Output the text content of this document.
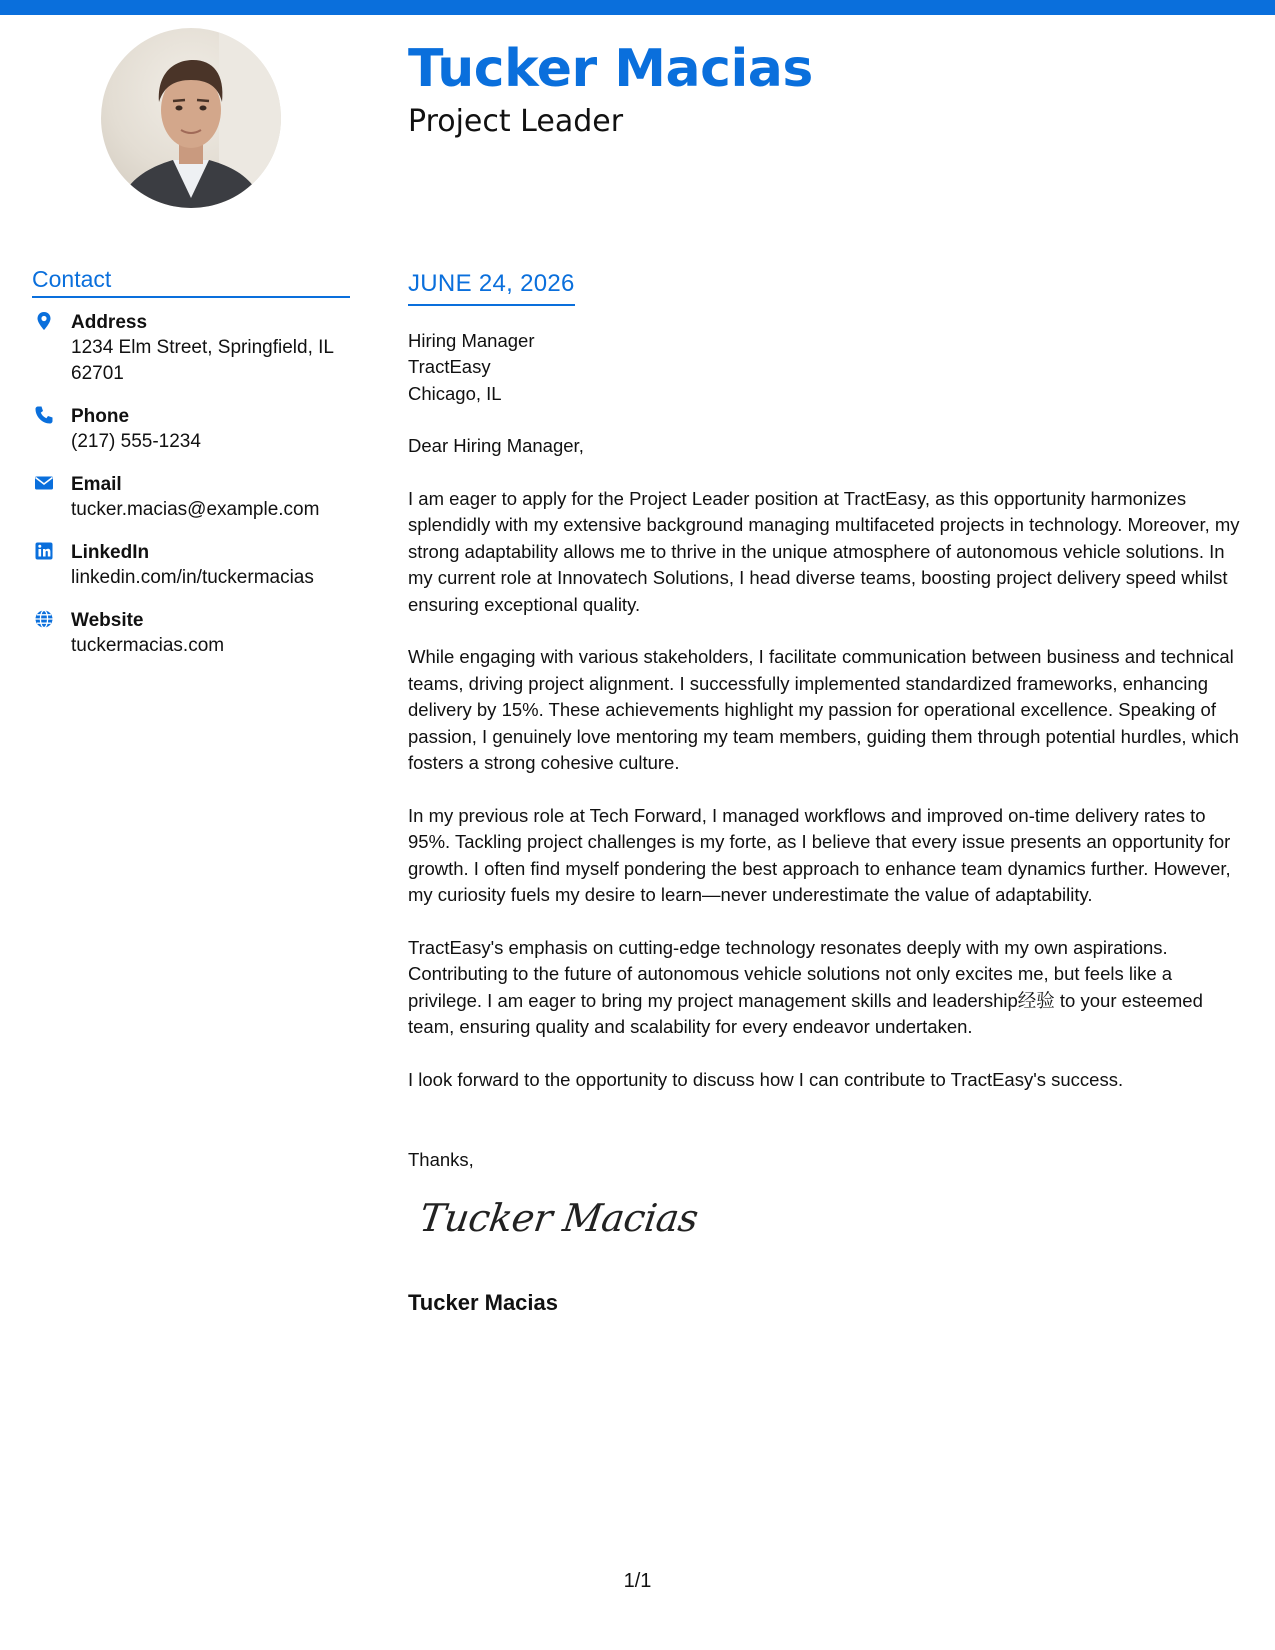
Tucker Macias
Project Leader
Contact
Address
1234 Elm Street, Springfield, IL 62701
Phone
(217) 555-1234
Email
tucker.macias@example.com
LinkedIn
linkedin.com/in/tuckermacias
Website
tuckermacias.com
JUNE 24, 2026
Hiring Manager
TractEasy
Chicago, IL
Dear Hiring Manager,

I am eager to apply for the Project Leader position at TractEasy, as this opportunity harmonizes splendidly with my extensive background managing multifaceted projects in technology. Moreover, my strong adaptability allows me to thrive in the unique atmosphere of autonomous vehicle solutions. In my current role at Innovatech Solutions, I head diverse teams, boosting project delivery speed whilst ensuring exceptional quality.

While engaging with various stakeholders, I facilitate communication between business and technical teams, driving project alignment. I successfully implemented standardized frameworks, enhancing delivery by 15%. These achievements highlight my passion for operational excellence. Speaking of passion, I genuinely love mentoring my team members, guiding them through potential hurdles, which fosters a strong cohesive culture.

In my previous role at Tech Forward, I managed workflows and improved on-time delivery rates to 95%. Tackling project challenges is my forte, as I believe that every issue presents an opportunity for growth. I often find myself pondering the best approach to enhance team dynamics further. However, my curiosity fuels my desire to learn—never underestimate the value of adaptability.

TractEasy's emphasis on cutting-edge technology resonates deeply with my own aspirations. Contributing to the future of autonomous vehicle solutions not only excites me, but feels like a privilege. I am eager to bring my project management skills and leadership经验 to your esteemed team, ensuring quality and scalability for every endeavor undertaken.

I look forward to the opportunity to discuss how I can contribute to TractEasy's success.

Thanks,
Tucker Macias
Tucker Macias
1/1
